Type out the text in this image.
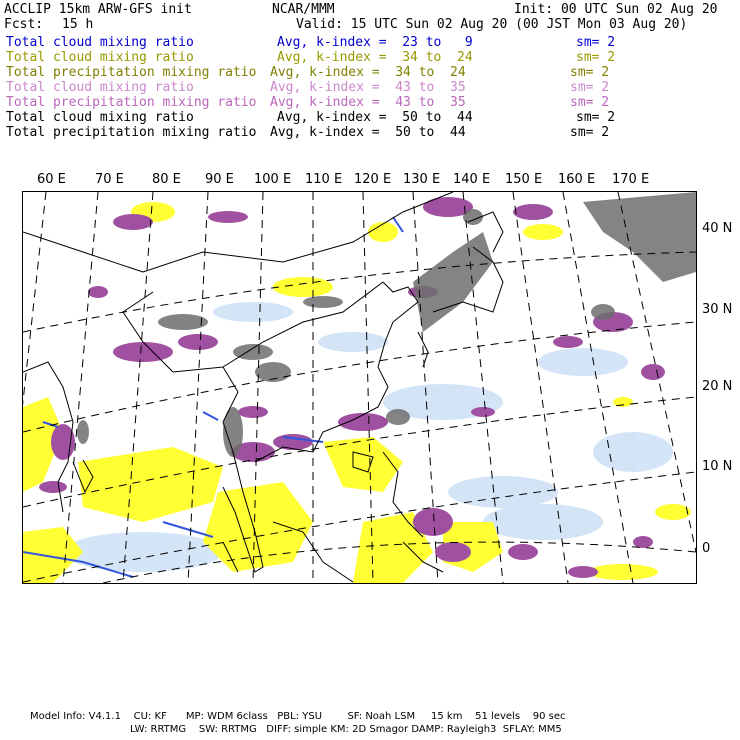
ACCLIP 15km ARW-GFS init	NCAR/MMM	Init: 00 UTC Sun 02 Aug 20
Fcst: 15 h	Valid: 15 UTC Sun 02 Aug 20 (00 JST Mon 03 Aug 20)
Total cloud mixing ratio	Avg, k-index =  23 to   9	sm= 2
Total cloud mixing ratio	Avg, k-index =  34 to  24	sm= 2
Total precipitation mixing ratio Avg, k-index =  34 to  24	sm= 2
Total cloud mixing ratio	Avg, k-index =  43 to  35	sm= 2
Total precipitation mixing ratio Avg, k-index =  43 to  35	sm= 2
Total cloud mixing ratio	Avg, k-index =  50 to  44	sm= 2
Total precipitation mixing ratio Avg, k-index =  50 to  44	sm= 2
60 E 70 E 80 E 90 E 100 E 110 E 120 E 130 E 140 E 150 E 160 E 170 E
40 N
30 N
20 N
10 N
0
Model Info: V4.1.1    CU: KF      MP: WDM 6class   PBL: YSU        SF: Noah LSM     15 km    51 levels    90 sec
LW: RRTMG    SW: RRTMG   DIFF: simple KM: 2D Smagor DAMP: Rayleigh3  SFLAY: MM5
